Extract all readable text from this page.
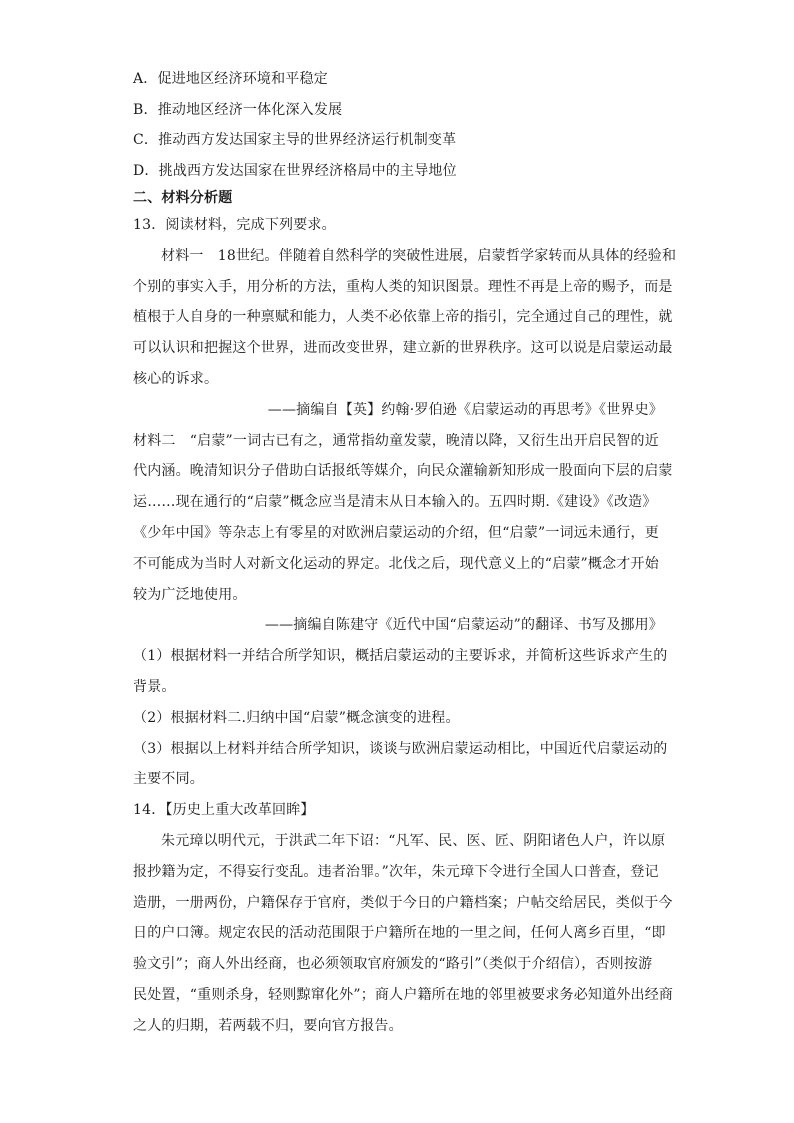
A．促进地区经济环境和平稳定
B．推动地区经济一体化深入发展
C．推动西方发达国家主导的世界经济运行机制变革
D．挑战西方发达国家在世界经济格局中的主导地位
二、材料分析题
13．阅读材料，完成下列要求。
材料一　18世纪。伴随着自然科学的突破性进展，启蒙哲学家转而从具体的经验和
个别的事实入手，用分析的方法，重构人类的知识图景。理性不再是上帝的赐予，而是
植根于人自身的一种禀赋和能力，人类不必依靠上帝的指引，完全通过自己的理性，就
可以认识和把握这个世界，进而改变世界，建立新的世界秩序。这可以说是启蒙运动最
核心的诉求。
——摘编自【英】约翰·罗伯逊《启蒙运动的再思考》《世界史》
材料二　“启蒙”一词古已有之，通常指幼童发蒙，晚清以降，又衍生出开启民智的近
代内涵。晚清知识分子借助白话报纸等媒介，向民众灌输新知形成一股面向下层的启蒙
运……现在通行的“启蒙”概念应当是清末从日本输入的。五四时期.《建设》《改造》
《少年中国》等杂志上有零星的对欧洲启蒙运动的介绍，但“启蒙”一词远未通行，更
不可能成为当时人对新文化运动的界定。北伐之后，现代意义上的“启蒙”概念才开始
较为广泛地使用。
——摘编自陈建守《近代中国“启蒙运动”的翻译、书写及挪用》
（1）根据材料一并结合所学知识，概括启蒙运动的主要诉求，并简析这些诉求产生的
背景。
（2）根据材料二.归纳中国“启蒙”概念演变的进程。
（3）根据以上材料并结合所学知识，谈谈与欧洲启蒙运动相比，中国近代启蒙运动的
主要不同。
14．【历史上重大改革回眸】
朱元璋以明代元，于洪武二年下诏：“凡军、民、医、匠、阴阳诸色人户，许以原
报抄籍为定，不得妄行变乱。违者治罪。”次年，朱元璋下令进行全国人口普查，登记
造册，一册两份，户籍保存于官府，类似于今日的户籍档案；户帖交给居民，类似于今
日的户口簿。规定农民的活动范围限于户籍所在地的一里之间，任何人离乡百里，“即
验文引”；商人外出经商，也必须领取官府颁发的“路引”（类似于介绍信），否则按游
民处置，“重则杀身，轻则黥窜化外”；商人户籍所在地的邻里被要求务必知道外出经商
之人的归期，若两载不归，要向官方报告。
